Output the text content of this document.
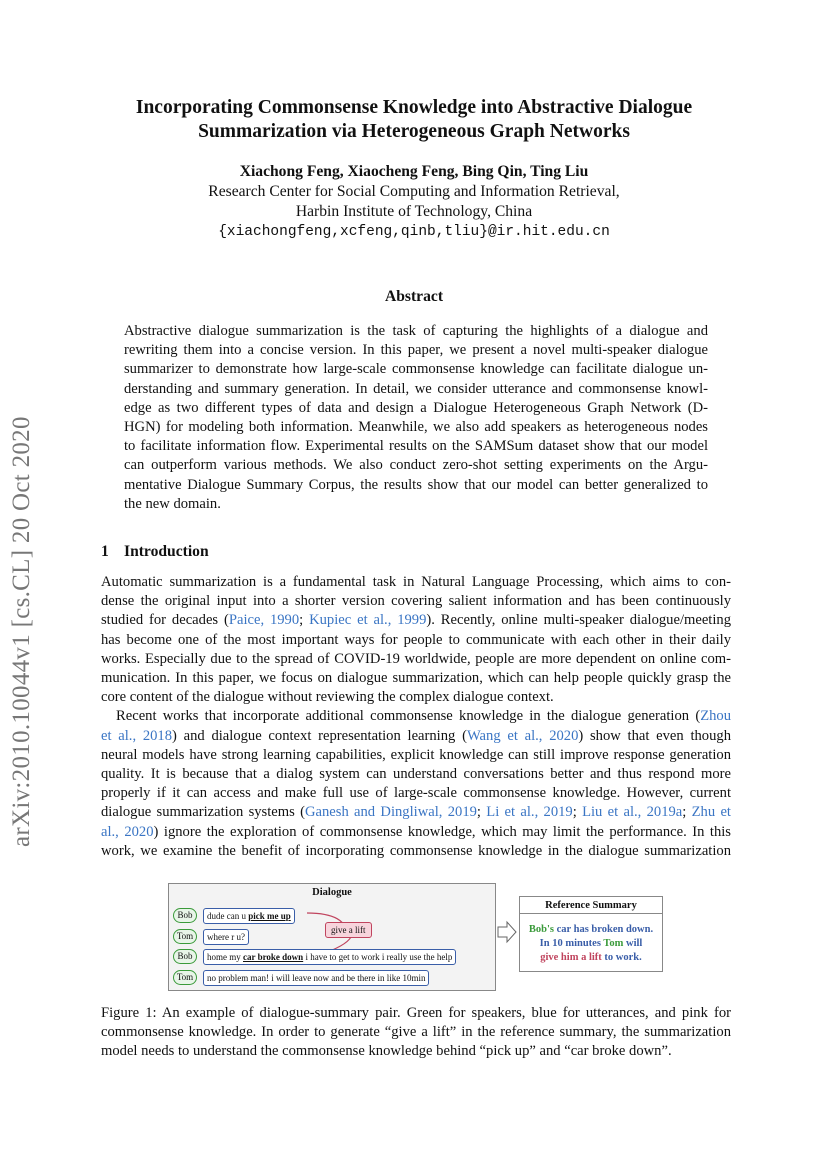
arXiv:2010.10044v1 [cs.CL] 20 Oct 2020
Incorporating Commonsense Knowledge into Abstractive Dialogue
Summarization via Heterogeneous Graph Networks
Xiachong Feng, Xiaocheng Feng, Bing Qin, Ting Liu
Research Center for Social Computing and Information Retrieval,
Harbin Institute of Technology, China
{xiachongfeng,xcfeng,qinb,tliu}@ir.hit.edu.cn
Abstract
Abstractive dialogue summarization is the task of capturing the highlights of a dialogue and
rewriting them into a concise version. In this paper, we present a novel multi-speaker dialogue
summarizer to demonstrate how large-scale commonsense knowledge can facilitate dialogue un-
derstanding and summary generation. In detail, we consider utterance and commonsense knowl-
edge as two different types of data and design a Dialogue Heterogeneous Graph Network (D-
HGN) for modeling both information. Meanwhile, we also add speakers as heterogeneous nodes
to facilitate information flow. Experimental results on the SAMSum dataset show that our model
can outperform various methods. We also conduct zero-shot setting experiments on the Argu-
mentative Dialogue Summary Corpus, the results show that our model can better generalized to
the new domain.
1 Introduction
Automatic summarization is a fundamental task in Natural Language Processing, which aims to con-
dense the original input into a shorter version covering salient information and has been continuously
studied for decades (Paice, 1990; Kupiec et al., 1999). Recently, online multi-speaker dialogue/meeting
has become one of the most important ways for people to communicate with each other in their daily
works. Especially due to the spread of COVID-19 worldwide, people are more dependent on online com-
munication. In this paper, we focus on dialogue summarization, which can help people quickly grasp the
core content of the dialogue without reviewing the complex dialogue context.
Recent works that incorporate additional commonsense knowledge in the dialogue generation (Zhou
et al., 2018) and dialogue context representation learning (Wang et al., 2020) show that even though
neural models have strong learning capabilities, explicit knowledge can still improve response generation
quality. It is because that a dialog system can understand conversations better and thus respond more
properly if it can access and make full use of large-scale commonsense knowledge. However, current
dialogue summarization systems (Ganesh and Dingliwal, 2019; Li et al., 2019; Liu et al., 2019a; Zhu et
al., 2020) ignore the exploration of commonsense knowledge, which may limit the performance. In this
work, we examine the benefit of incorporating commonsense knowledge in the dialogue summarization
Dialogue
Bob	dude can u pick me up
Tom	where r u?
give a lift
Bob	home my car broke down i have to get to work i really use the help
Tom	no problem man! i will leave now and be there in like 10min
Reference Summary
Bob's car has broken down.
In 10 minutes Tom will
give him a lift to work.
Figure 1: An example of dialogue-summary pair. Green for speakers, blue for utterances, and pink for
commonsense knowledge. In order to generate “give a lift” in the reference summary, the summarization
model needs to understand the commonsense knowledge behind “pick up” and “car broke down”.
